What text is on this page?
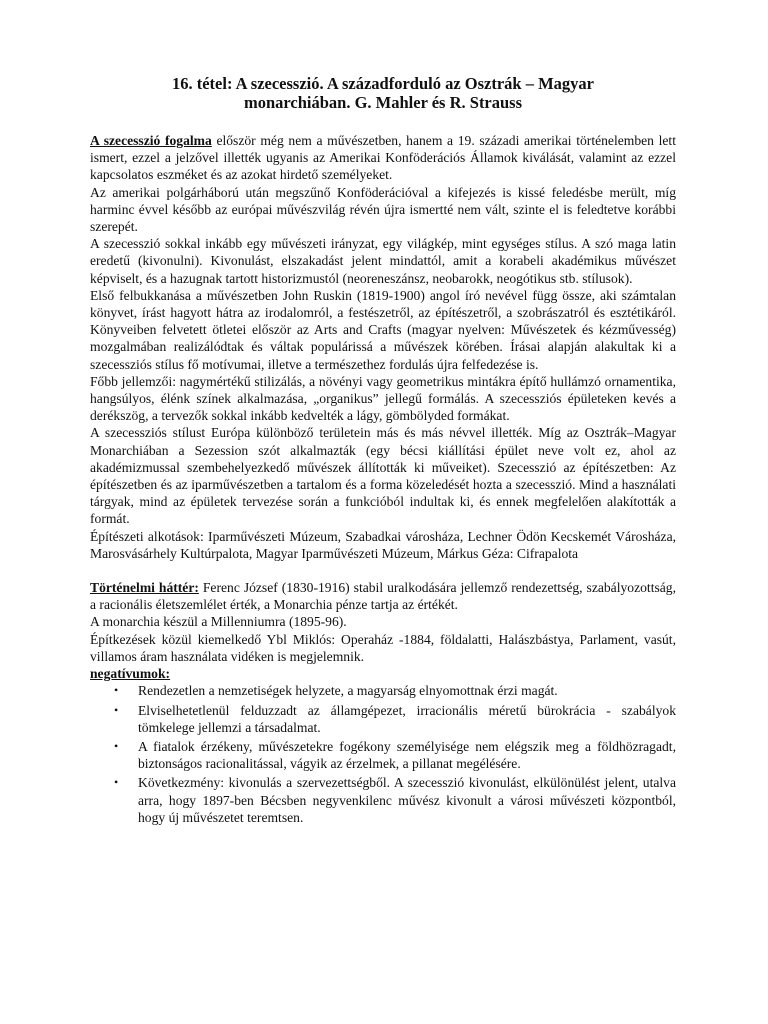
16. tétel: A szecesszió. A századforduló az Osztrák – Magyar monarchiában. G. Mahler és R. Strauss

A szecesszió fogalma először még nem a művészetben, hanem a 19. századi amerikai történelemben lett ismert, ezzel a jelzővel illették ugyanis az Amerikai Konföderációs Államok kiválását, valamint az ezzel kapcsolatos eszméket és az azokat hirdető személyeket.

Az amerikai polgárháború után megszűnő Konföderációval a kifejezés is kissé feledésbe merült, míg harminc évvel később az európai művészvilág révén újra ismertté nem vált, szinte el is feledtetve korábbi szerepét.

A szecesszió sokkal inkább egy művészeti irányzat, egy világkép, mint egységes stílus. A szó maga latin eredetű (kivonulni). Kivonulást, elszakadást jelent mindattól, amit a korabeli akadémikus művészet képviselt, és a hazugnak tartott historizmustól (neoreneszánsz, neobarokk, neogótikus stb. stílusok).

Első felbukkanása a művészetben John Ruskin (1819-1900) angol író nevével függ össze, aki számtalan könyvet, írást hagyott hátra az irodalomról, a festészetről, az építészetről, a szobrászatról és esztétikáról. Könyveiben felvetett ötletei először az Arts and Crafts (magyar nyelven: Művészetek és kézművesség) mozgalmában realizálódtak és váltak populárissá a művészek körében. Írásai alapján alakultak ki a szecessziós stílus fő motívumai, illetve a természethez fordulás újra felfedezése is.

Főbb jellemzői: nagymértékű stilizálás, a növényi vagy geometrikus mintákra építő hullámzó ornamentika, hangsúlyos, élénk színek alkalmazása, „organikus” jellegű formálás. A szecessziós épületeken kevés a derékszög, a tervezők sokkal inkább kedvelték a lágy, gömbölyded formákat.

A szecessziós stílust Európa különböző területein más és más névvel illették. Míg az Osztrák–Magyar Monarchiában a Sezession szót alkalmazták (egy bécsi kiállítási épület neve volt ez, ahol az akadémizmussal szembehelyezkedő művészek állították ki műveiket). Szecesszió az építészetben: Az építészetben és az iparművészetben a tartalom és a forma közeledését hozta a szecesszió. Mind a használati tárgyak, mind az épületek tervezése során a funkcióból indultak ki, és ennek megfelelően alakították a formát.

Építészeti alkotások: Iparművészeti Múzeum, Szabadkai városháza, Lechner Ödön Kecskemét Városháza, Marosvásárhely Kultúrpalota, Magyar Iparművészeti Múzeum, Márkus Géza: Cifrapalota

Történelmi háttér: Ferenc József (1830-1916) stabil uralkodására jellemző rendezettség, szabályozottság, a racionális életszemlélet érték, a Monarchia pénze tartja az értékét.

A monarchia készül a Millenniumra (1895-96).

Építkezések közül kiemelkedő Ybl Miklós: Operaház -1884, földalatti, Halászbástya, Parlament, vasút, villamos áram használata vidéken is megjelemnik.

negatívumok:

• Rendezetlen a nemzetiségek helyzete, a magyarság elnyomottnak érzi magát.
• Elviselhetetlenül felduzzadt az államgépezet, irracionális méretű bürokrácia - szabályok tömkelege jellemzi a társadalmat.
• A fiatalok érzékeny, művészetekre fogékony személyisége nem elégszik meg a földhözragadt, biztonságos racionalitással, vágyik az érzelmek, a pillanat megélésére.
• Következmény: kivonulás a szervezettségből. A szecesszió kivonulást, elkülönülést jelent, utalva arra, hogy 1897-ben Bécsben negyvenkilenc művész kivonult a városi művészeti központból, hogy új művészetet teremtsen.
